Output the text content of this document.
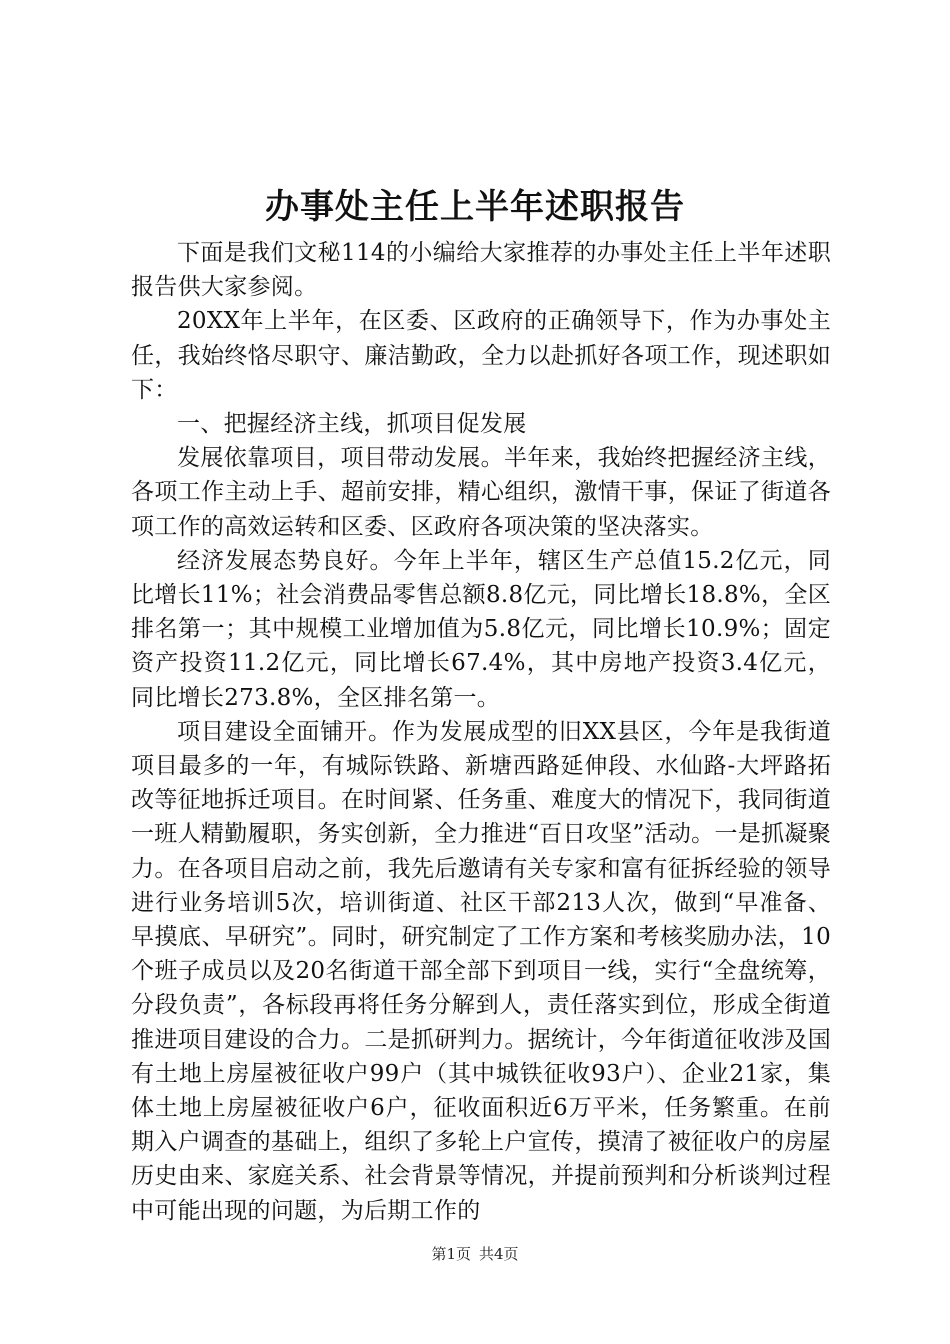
办事处主任上半年述职报告

下面是我们文秘114的小编给大家推荐的办事处主任上半年述职报告供大家参阅。

20XX年上半年，在区委、区政府的正确领导下，作为办事处主任，我始终恪尽职守、廉洁勤政，全力以赴抓好各项工作，现述职如下：

一、把握经济主线，抓项目促发展

发展依靠项目，项目带动发展。半年来，我始终把握经济主线，各项工作主动上手、超前安排，精心组织，激情干事，保证了街道各项工作的高效运转和区委、区政府各项决策的坚决落实。

经济发展态势良好。今年上半年，辖区生产总值15.2亿元，同比增长11%；社会消费品零售总额8.8亿元，同比增长18.8%，全区排名第一；其中规模工业增加值为5.8亿元，同比增长10.9%；固定资产投资11.2亿元，同比增长67.4%，其中房地产投资3.4亿元，同比增长273.8%，全区排名第一。

项目建设全面铺开。作为发展成型的旧XX县区，今年是我街道项目最多的一年，有城际铁路、新塘西路延伸段、水仙路-大坪路拓改等征地拆迁项目。在时间紧、任务重、难度大的情况下，我同街道一班人精勤履职，务实创新，全力推进“百日攻坚”活动。一是抓凝聚力。在各项目启动之前，我先后邀请有关专家和富有征拆经验的领导进行业务培训5次，培训街道、社区干部213人次，做到“早准备、早摸底、早研究”。同时，研究制定了工作方案和考核奖励办法，10个班子成员以及20名街道干部全部下到项目一线，实行“全盘统筹，分段负责”，各标段再将任务分解到人，责任落实到位，形成全街道推进项目建设的合力。二是抓研判力。据统计，今年街道征收涉及国有土地上房屋被征收户99户（其中城铁征收93户）、企业21家，集体土地上房屋被征收户6户，征收面积近6万平米，任务繁重。在前期入户调查的基础上，组织了多轮上户宣传，摸清了被征收户的房屋历史由来、家庭关系、社会背景等情况，并提前预判和分析谈判过程中可能出现的问题，为后期工作的

第1页 共4页
